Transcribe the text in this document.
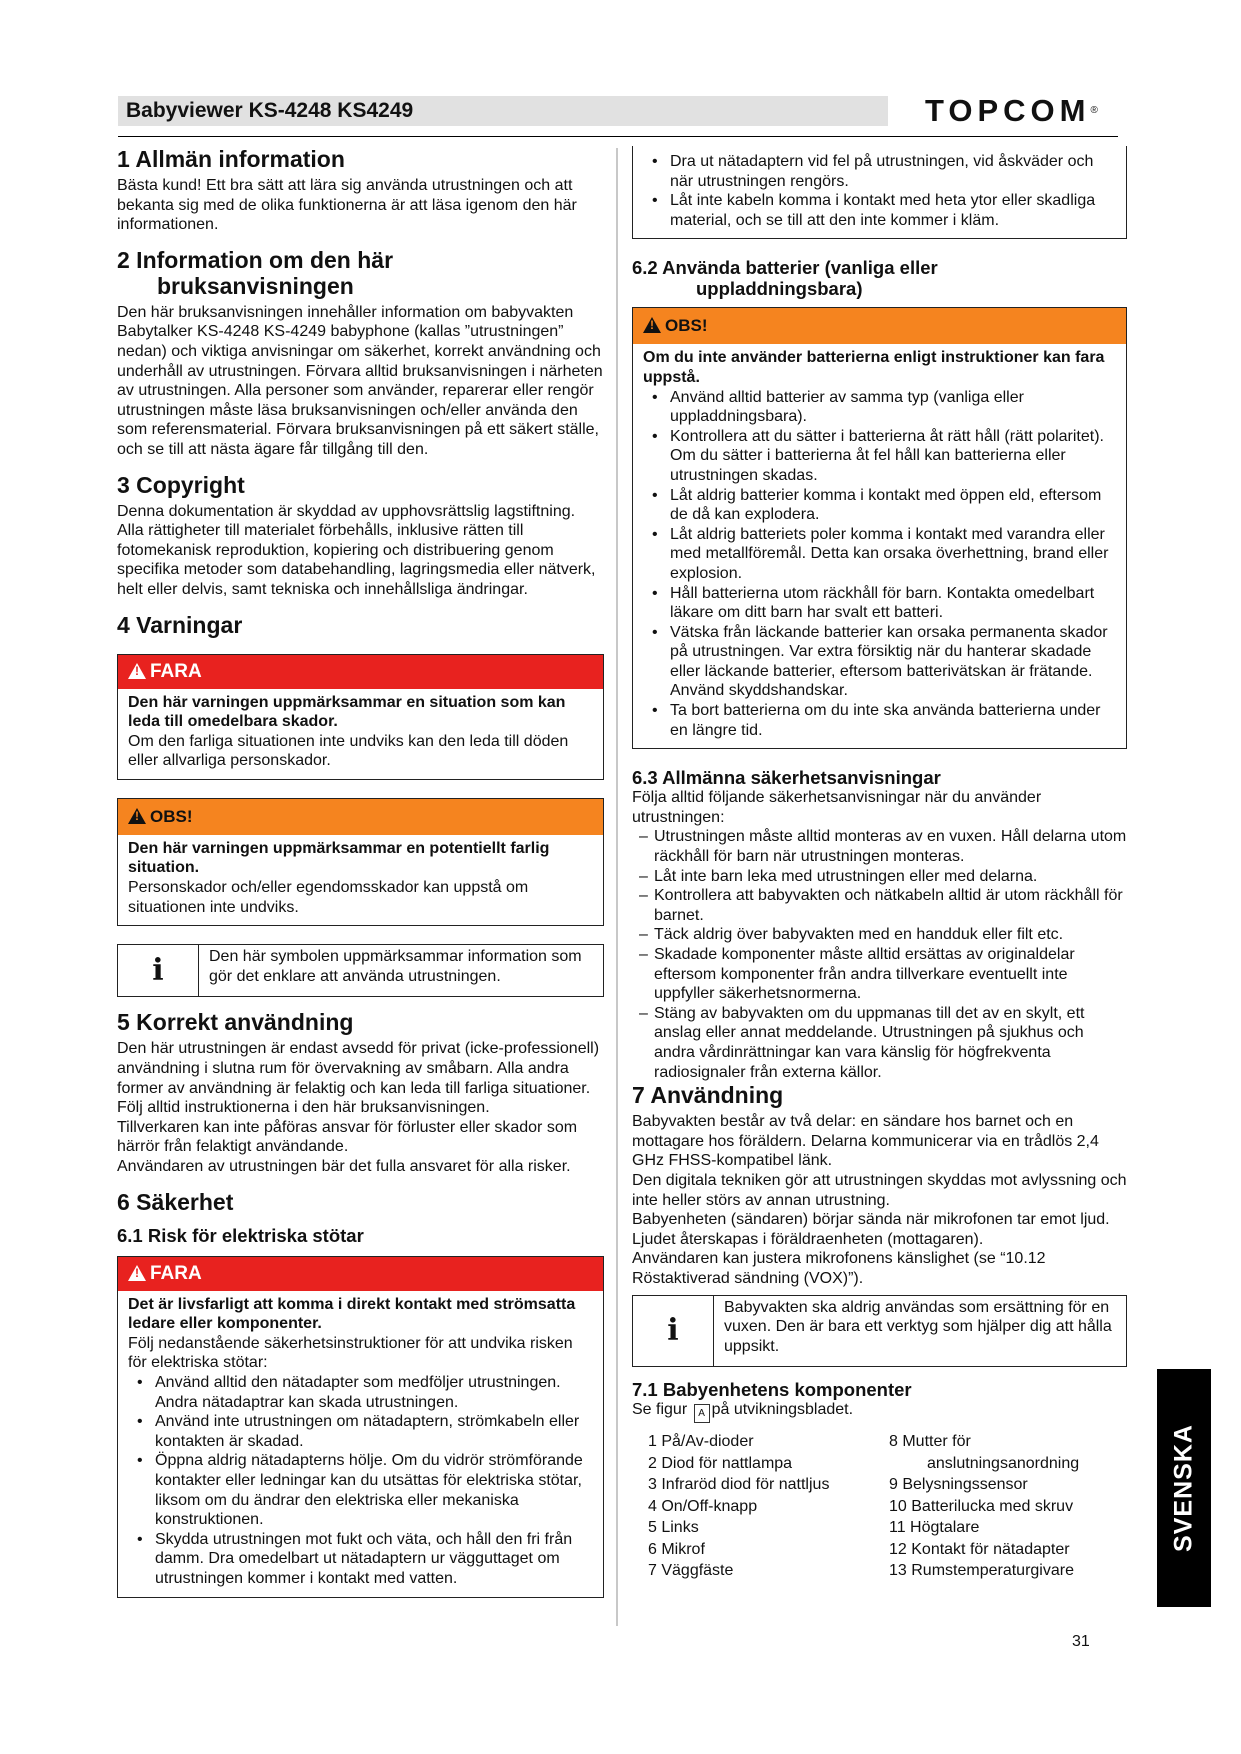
Babyviewer KS-4248 KS4249	TOPCOM®
1 Allmän information

Bästa kund! Ett bra sätt att lära sig använda utrustningen och att bekanta sig med de olika funktionerna är att läsa igenom den här informationen.

2 Information om den här
bruksanvisningen

Den här bruksanvisningen innehåller information om babyvakten Babytalker KS-4248 KS-4249 babyphone (kallas ”utrustningen” nedan) och viktiga anvisningar om säkerhet, korrekt användning och underhåll av utrustningen. Förvara alltid bruksanvisningen i närheten av utrustningen. Alla personer som använder, reparerar eller rengör utrustningen måste läsa bruksanvisningen och/eller använda den som referensmaterial. Förvara bruksanvisningen på ett säkert ställe, och se till att nästa ägare får tillgång till den.

3 Copyright

Denna dokumentation är skyddad av upphovsrättslig lagstiftning. Alla rättigheter till materialet förbehålls, inklusive rätten till fotomekanisk reproduktion, kopiering och distribuering genom specifika metoder som databehandling, lagringsmedia eller nätverk, helt eller delvis, samt tekniska och innehållsliga ändringar.

4 Varningar
! FARA
Den här varningen uppmärksammar en situation som kan leda till omedelbara skador.
Om den farliga situationen inte undviks kan den leda till döden eller allvarliga personskador.
! OBS!
Den här varningen uppmärksammar en potentiellt farlig situation.
Personskador och/eller egendomsskador kan uppstå om situationen inte undviks.
i	Den här symbolen uppmärksammar information som gör det enklare att använda utrustningen.
5 Korrekt användning

Den här utrustningen är endast avsedd för privat (icke-professionell) användning i slutna rum för övervakning av småbarn. Alla andra former av användning är felaktig och kan leda till farliga situationer.

Följ alltid instruktionerna i den här bruksanvisningen.

Tillverkaren kan inte påföras ansvar för förluster eller skador som härrör från felaktigt användande.

Användaren av utrustningen bär det fulla ansvaret för alla risker.

6 Säkerhet
6.1 Risk för elektriska stötar
! FARA
Det är livsfarligt att komma i direkt kontakt med strömsatta ledare eller komponenter.
Följ nedanstående säkerhetsinstruktioner för att undvika risken för elektriska stötar:
• Använd alltid den nätadapter som medföljer utrustningen. Andra nätadaptrar kan skada utrustningen.
• Använd inte utrustningen om nätadaptern, strömkabeln eller kontakten är skadad.
• Öppna aldrig nätadapterns hölje. Om du vidrör strömförande kontakter eller ledningar kan du utsättas för elektriska stötar, liksom om du ändrar den elektriska eller mekaniska konstruktionen.
• Skydda utrustningen mot fukt och väta, och håll den fri från damm. Dra omedelbart ut nätadaptern ur vägguttaget om utrustningen kommer i kontakt med vatten.
• Dra ut nätadaptern vid fel på utrustningen, vid åskväder och när utrustningen rengörs.
• Låt inte kabeln komma i kontakt med heta ytor eller skadliga material, och se till att den inte kommer i kläm.
6.2 Använda batterier (vanliga eller
uppladdningsbara)
! OBS!
Om du inte använder batterierna enligt instruktioner kan fara uppstå.
• Använd alltid batterier av samma typ (vanliga eller uppladdningsbara).
• Kontrollera att du sätter i batterierna åt rätt håll (rätt polaritet). Om du sätter i batterierna åt fel håll kan batterierna eller utrustningen skadas.
• Låt aldrig batterier komma i kontakt med öppen eld, eftersom de då kan explodera.
• Låt aldrig batteriets poler komma i kontakt med varandra eller med metallföremål. Detta kan orsaka överhettning, brand eller explosion.
• Håll batterierna utom räckhåll för barn. Kontakta omedelbart läkare om ditt barn har svalt ett batteri.
• Vätska från läckande batterier kan orsaka permanenta skador på utrustningen. Var extra försiktig när du hanterar skadade eller läckande batterier, eftersom batterivätskan är frätande. Använd skyddshandskar.
• Ta bort batterierna om du inte ska använda batterierna under en längre tid.
6.3 Allmänna säkerhetsanvisningar

Följa alltid följande säkerhetsanvisningar när du använder utrustningen:

– Utrustningen måste alltid monteras av en vuxen. Håll delarna utom räckhåll för barn när utrustningen monteras.
– Låt inte barn leka med utrustningen eller med delarna.
– Kontrollera att babyvakten och nätkabeln alltid är utom räckhåll för barnet.
– Täck aldrig över babyvakten med en handduk eller filt etc.
– Skadade komponenter måste alltid ersättas av originaldelar eftersom komponenter från andra tillverkare eventuellt inte uppfyller säkerhetsnormerna.
– Stäng av babyvakten om du uppmanas till det av en skylt, ett anslag eller annat meddelande. Utrustningen på sjukhus och andra vårdinrättningar kan vara känslig för högfrekventa radiosignaler från externa källor.
7 Användning

Babyvakten består av två delar: en sändare hos barnet och en mottagare hos föräldern. Delarna kommunicerar via en trådlös 2,4 GHz FHSS-kompatibel länk.

Den digitala tekniken gör att utrustningen skyddas mot avlyssning och inte heller störs av annan utrustning.

Babyenheten (sändaren) börjar sända när mikrofonen tar emot ljud. Ljudet återskapas i föräldraenheten (mottagaren).

Användaren kan justera mikrofonens känslighet (se “10.12 Röstaktiverad sändning (VOX)”).

i
Babyvakten ska aldrig användas som ersättning för en vuxen. Den är bara ett verktyg som hjälper dig att hålla uppsikt.
7.1 Babyenhetens komponenter

Se figur A på utvikningsbladet.

1 På/Av-dioder
2 Diod för nattlampa
3 Infraröd diod för nattljus
4 On/Off-knapp
5 Links
6 Mikrof
7 Väggfäste
8 Mutter för
anslutningsanordning
9 Belysningssensor
10 Batterilucka med skruv
11 Högtalare
12 Kontakt för nätadapter
13 Rumstemperaturgivare
SVENSKA
31
